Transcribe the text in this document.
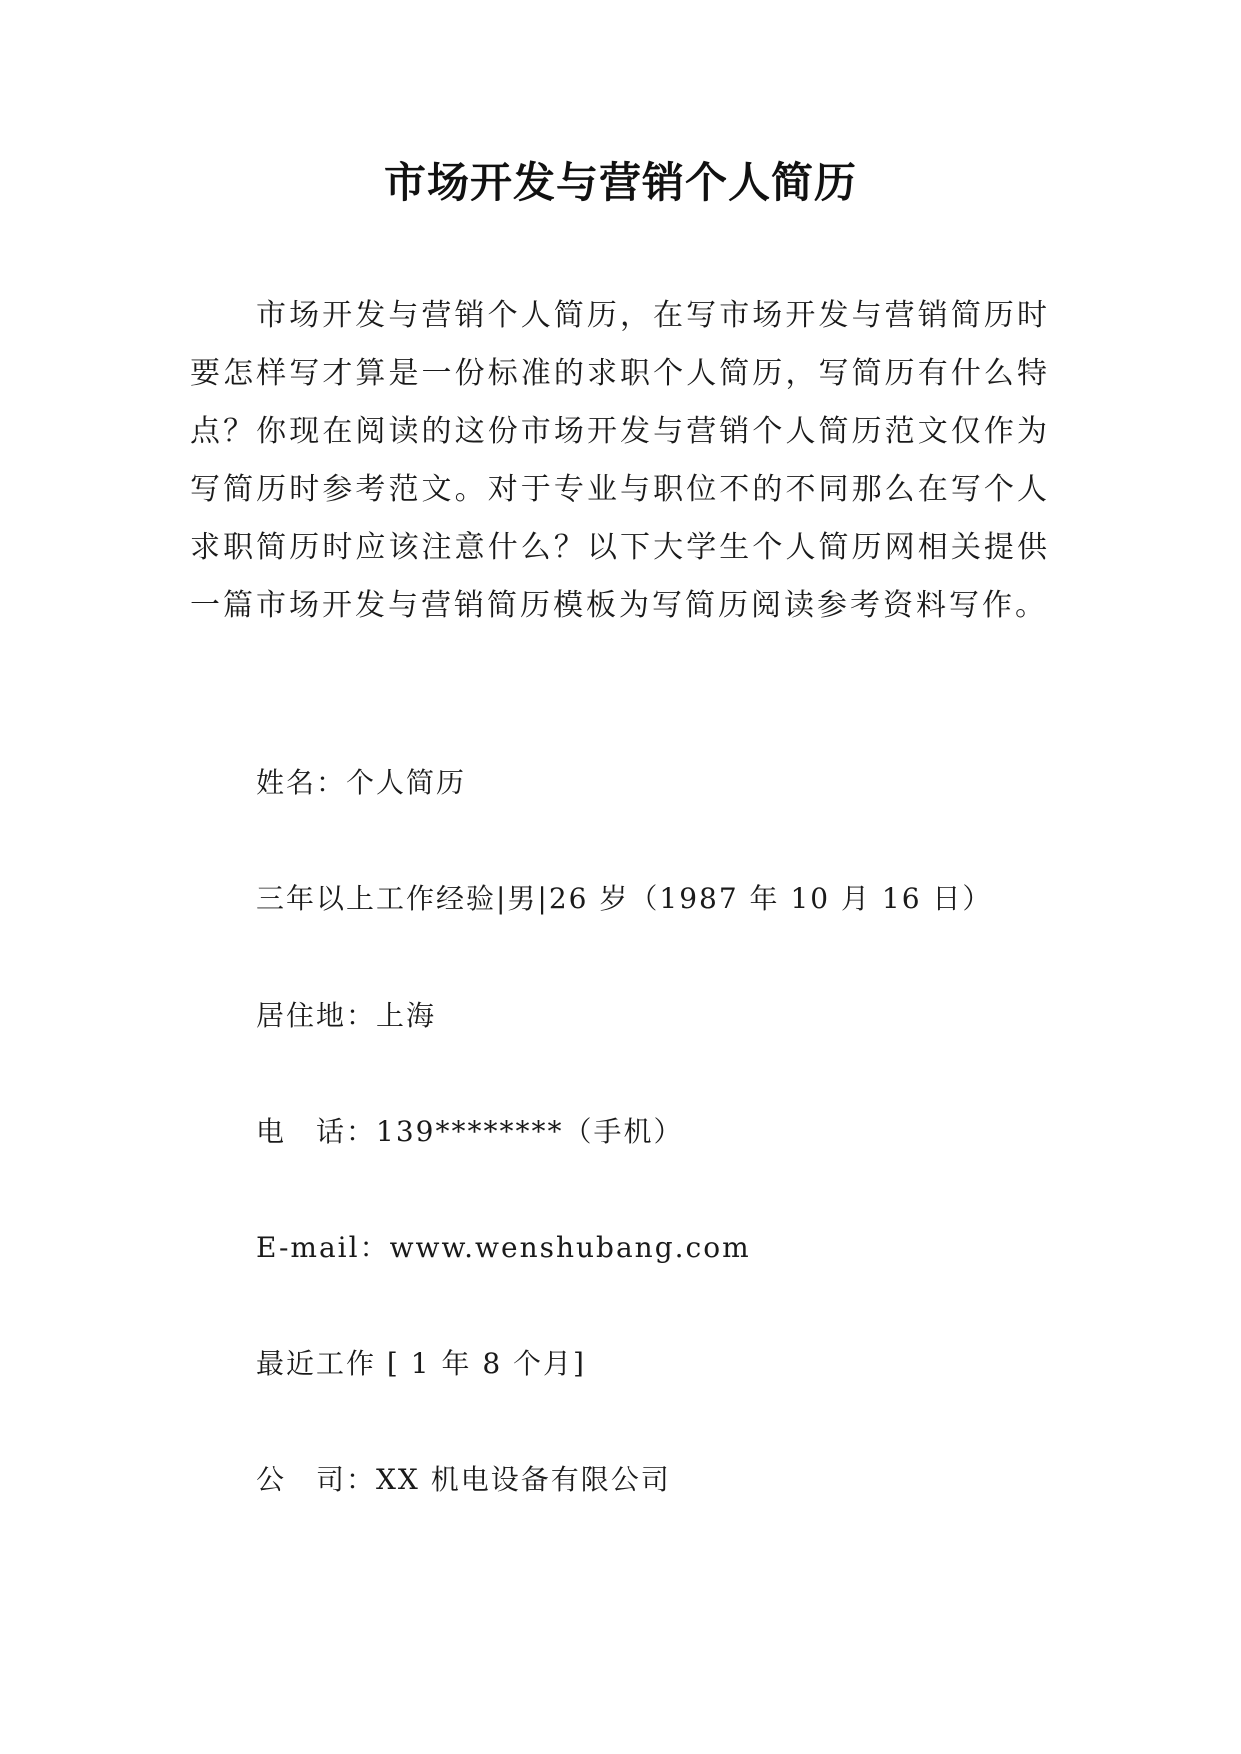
市场开发与营销个人简历

市场开发与营销个人简历，在写市场开发与营销简历时要怎样写才算是一份标准的求职个人简历，写简历有什么特点？你现在阅读的这份市场开发与营销个人简历范文仅作为写简历时参考范文。对于专业与职位不的不同那么在写个人求职简历时应该注意什么？以下大学生个人简历网相关提供一篇市场开发与营销简历模板为写简历阅读参考资料写作。

姓名：个人简历

三年以上工作经验|男|26 岁（1987 年 10 月 16 日）

居住地：上海

电　话：139********（手机）

E-mail：www.wenshubang.com

最近工作 [ 1 年 8 个月]

公　司：XX 机电设备有限公司
